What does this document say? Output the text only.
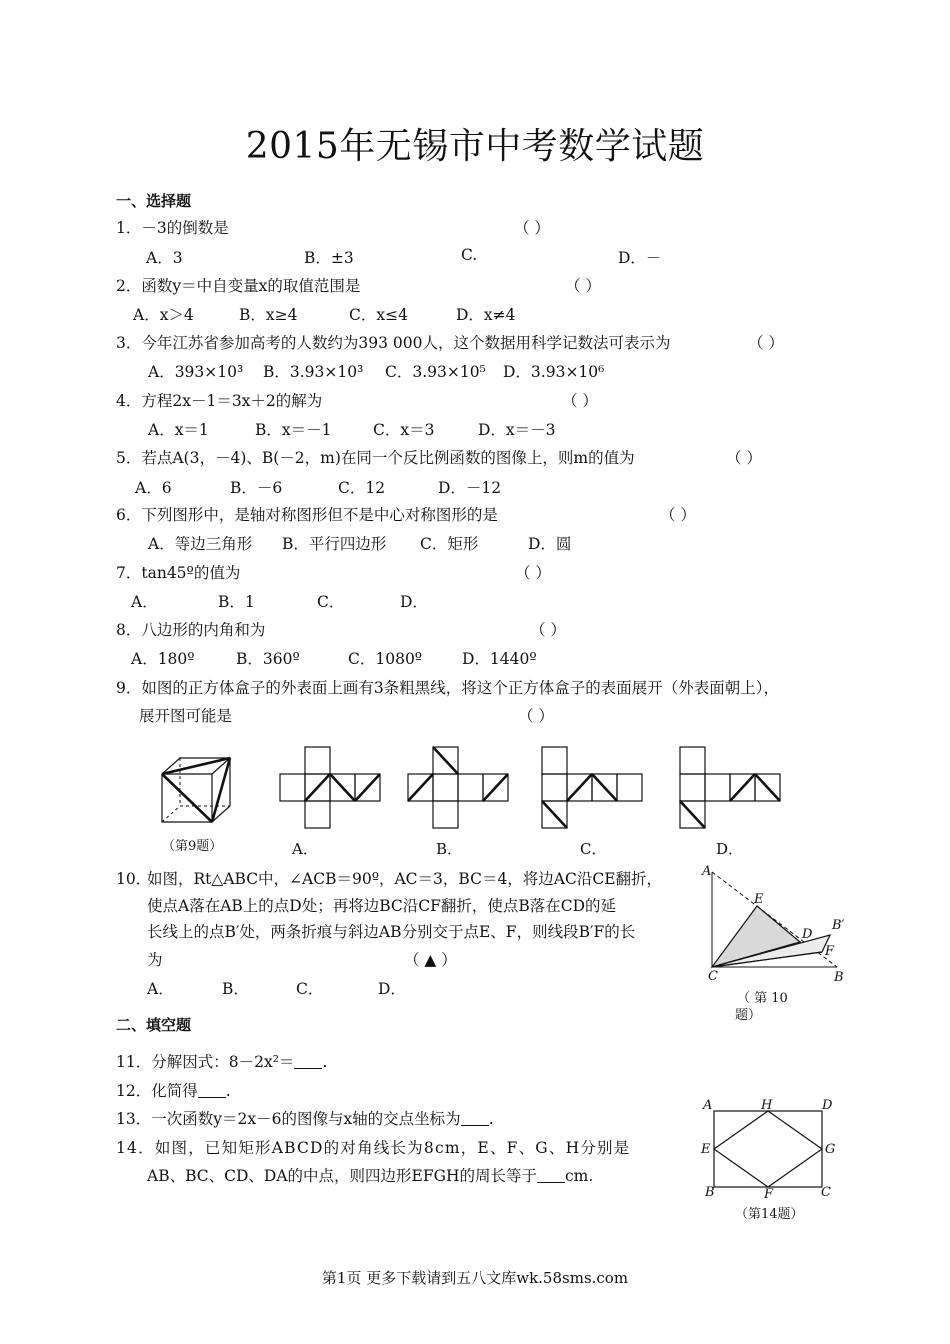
2015年无锡市中考数学试题
一、选择题
1．－3的倒数是	（ ）
A．3	B．±3	C.	D．－
2．函数y＝中自变量x的取值范围是	（ ）
A．x＞4	B．x≥4	C．x≤4	D．x≠4
3．今年江苏省参加高考的人数约为393 000人，这个数据用科学记数法可表示为	（ ）
A．393×10³ B．3.93×10³ C．3.93×10⁵ D．3.93×10⁶
4．方程2x－1＝3x＋2的解为	（ ）
A．x＝1	B．x＝－1	C．x＝3	D．x＝－3
5．若点A(3，－4)、B(－2，m)在同一个反比例函数的图像上，则m的值为	（ ）
A．6	B．－6	C．12	D．－12
6．下列图形中，是轴对称图形但不是中心对称图形的是	（ ）
A．等边三角形 B．平行四边形 C．矩形	D．圆
7．tan45º的值为	（ ）
A．	B．1	C．	D．
8．八边形的内角和为	（ ）
A．180º	B．360º	C．1080º	D．1440º
9．如图的正方体盒子的外表面上画有3条粗黑线，将这个正方体盒子的表面展开（外表面朝上），
展开图可能是	（ ）
（第9题）	A．	B．	C．	D．
10．
如图，Rt△ABC中，∠ACB＝90º，AC＝3，BC＝4，将边AC沿CE翻折，
使点A落在AB上的点D处；再将边BC沿CF翻折，使点B落在CD的延
长线上的点B′处，两条折痕与斜边AB分别交于点E、F，则线段B′F的长
为	（ ▲ ）
A．	B．	C．	D．
A
E
D
B′
F
C	B
（ 第 10
题）
二、填空题
11．分解因式：8－2x²＝ .
12．化简得 .
13．一次函数y＝2x－6的图像与x轴的交点坐标为 .
14．如图，已知矩形ABCD的对角线长为8cm，E、F、G、H分别是
AB、BC、CD、DA的中点，则四边形EFGH的周长等于 cm.
A	H	D
E	G
B	F	C
（第14题）
第1页 更多下载请到五八文库wk.58sms.com
